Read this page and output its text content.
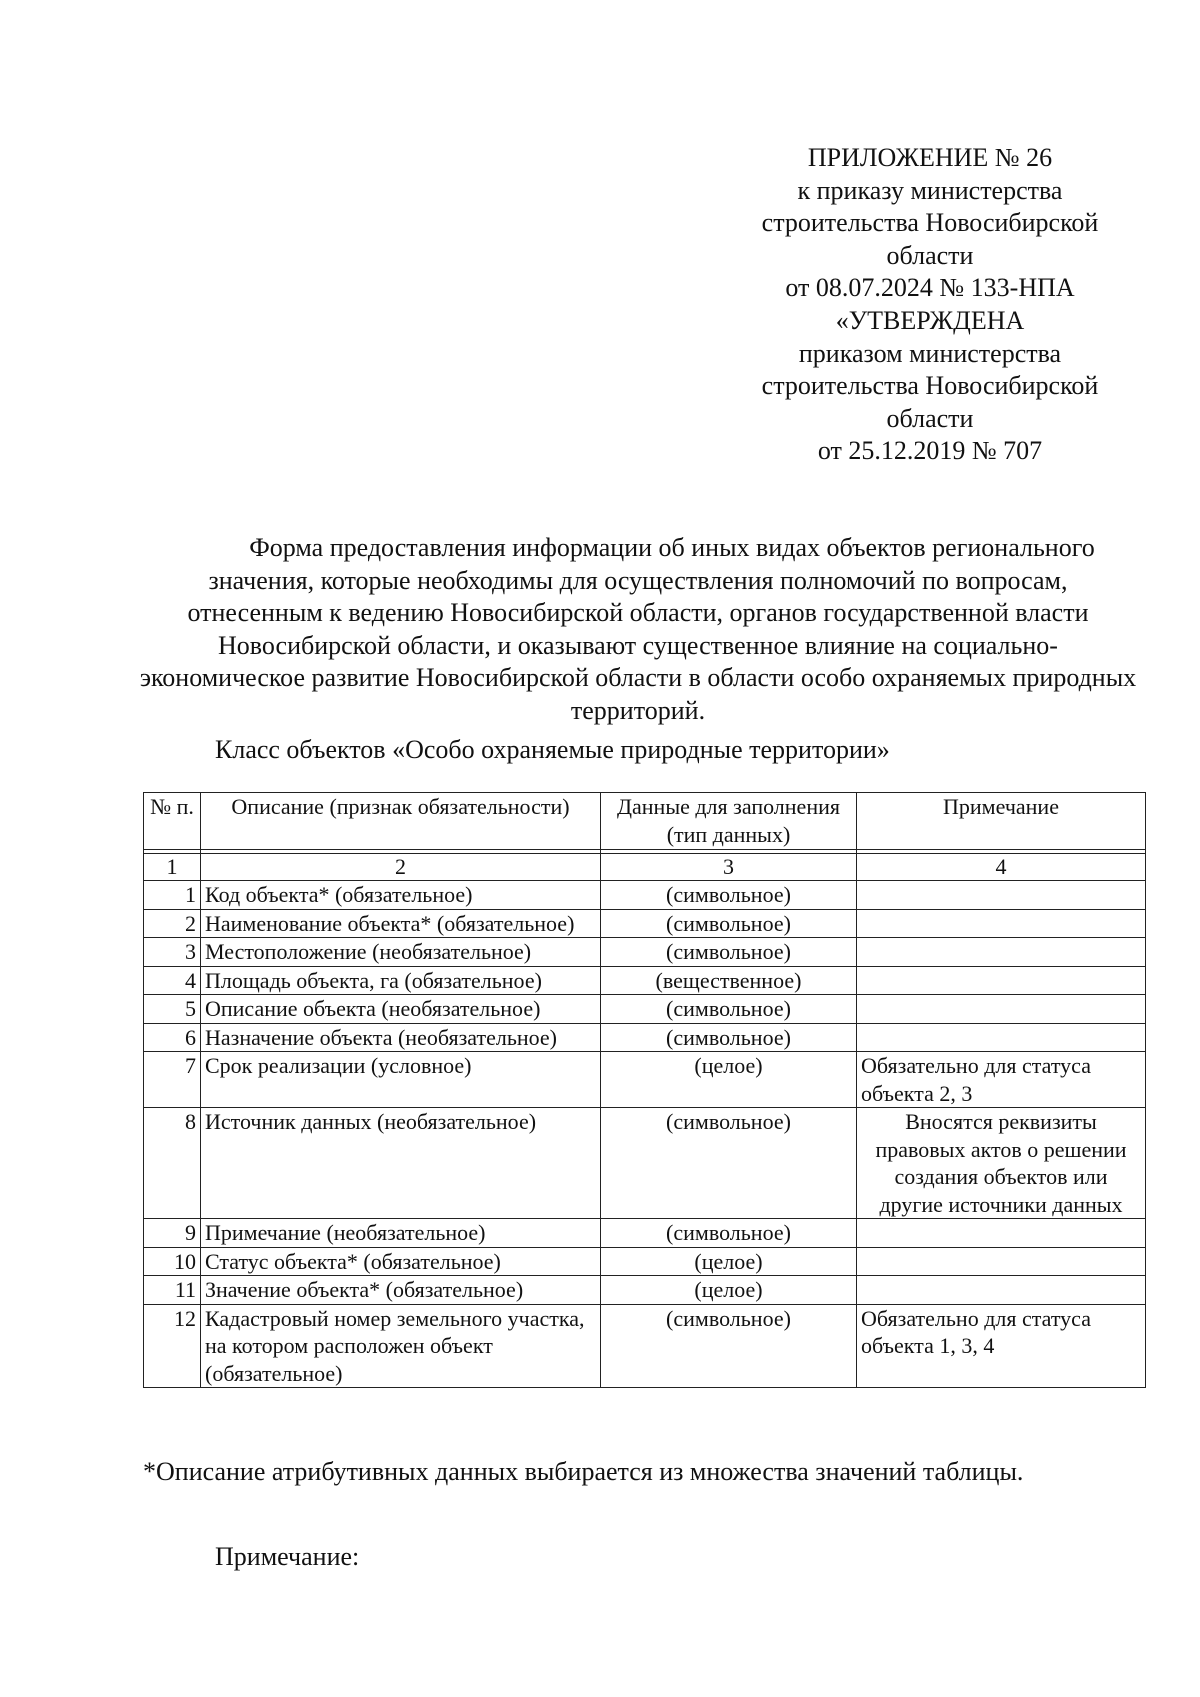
ПРИЛОЖЕНИЕ № 26
к приказу министерства
строительства Новосибирской
области
от 08.07.2024 № 133-НПА
«УТВЕРЖДЕНА
приказом министерства
строительства Новосибирской
области
от 25.12.2019 № 707
Форма предоставления информации об иных видах объектов регионального значения, которые необходимы для осуществления полномочий по вопросам, отнесенным к ведению Новосибирской области, органов государственной власти Новосибирской области, и оказывают существенное влияние на социально-экономическое развитие Новосибирской области в области особо охраняемых природных территорий.
Класс объектов «Особо охраняемые природные территории»
№ п.	Описание (признак обязательности)	Данные для заполнения (тип данных)	Примечание

1	2	3	4
1	Код объекта* (обязательное)	(символьное)	
2	Наименование объекта* (обязательное)	(символьное)	
3	Местоположение (необязательное)	(символьное)	
4	Площадь объекта, га (обязательное)	(вещественное)	
5	Описание объекта (необязательное)	(символьное)	
6	Назначение объекта (необязательное)	(символьное)	
7	Срок реализации (условное)	(целое)	Обязательно для статуса объекта 2, 3
8	Источник данных (необязательное)	(символьное)	Вносятся реквизиты правовых актов о решении создания объектов или другие источники данных
9	Примечание (необязательное)	(символьное)	
10	Статус объекта* (обязательное)	(целое)	
11	Значение объекта* (обязательное)	(целое)	
12	Кадастровый номер земельного участка, на котором расположен объект (обязательное)	(символьное)	Обязательно для статуса объекта 1, 3, 4
*Описание атрибутивных данных выбирается из множества значений таблицы.
Примечание:
